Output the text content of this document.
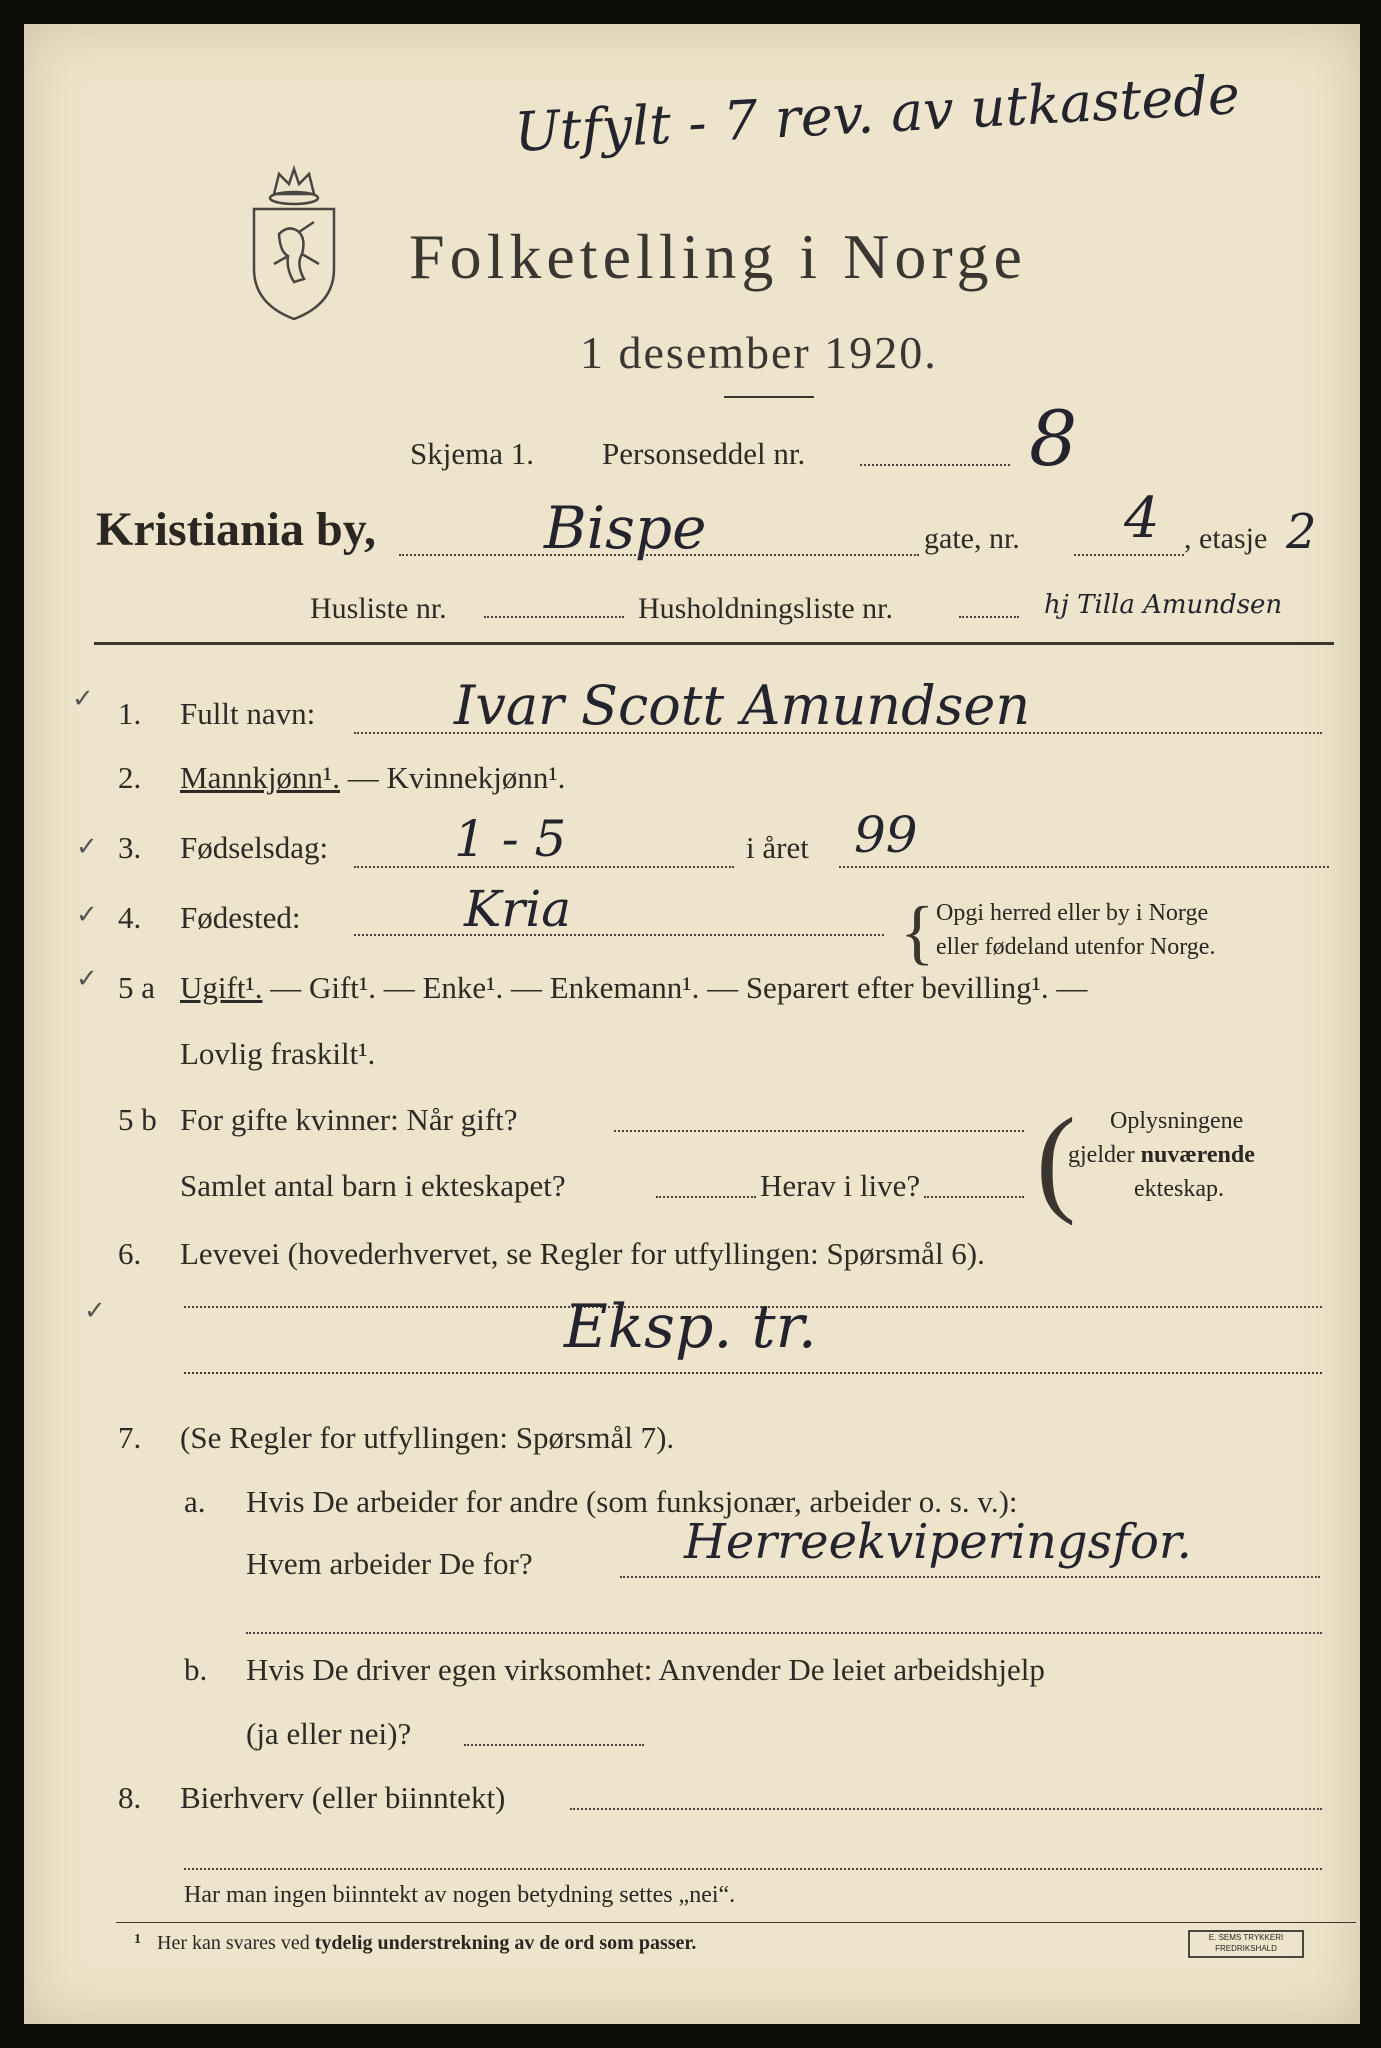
Utfylt - 7 rev. av utkastede
Folketelling i Norge
1 desember 1920.
Skjema 1. Personseddel nr.	8
Kristiania by,	Bispe	gate, nr. 4 , etasje 2
Husliste nr.	Husholdningsliste nr.	hj Tilla Amundsen
✓ 1. Fullt navn:	Ivar Scott Amundsen
2. Mannkjønn¹. — Kvinnekjønn¹.
✓ 3. Fødselsdag:	1 - 5	i året 99
✓ 4. Fødested:	Kria	{ Opgi herred eller by i Norge
eller fødeland utenfor Norge.
✓ 5 a Ugift¹. — Gift¹. — Enke¹. — Enkemann¹. — Separert efter bevilling¹. —
Lovlig fraskilt¹.
5 b For gifte kvinner: Når gift?
Samlet antal barn i ekteskapet?	Herav i live? ( Oplysningene
gjelder nuværende
ekteskap.
6. Levevei (hovederhvervet, se Regler for utfyllingen: Spørsmål 6).
✓	Eksp. tr.
7. (Se Regler for utfyllingen: Spørsmål 7).
a. Hvis De arbeider for andre (som funksjonær, arbeider o. s. v.):
Hvem arbeider De for?	Herreekviperingsfor.
b. Hvis De driver egen virksomhet: Anvender De leiet arbeidshjelp
(ja eller nei)?
8. Bierhverv (eller biinntekt)
Har man ingen biinntekt av nogen betydning settes „nei“.
$^1$ Her kan svares ved tydelig understrekning av de ord som passer.	E. SEMS TRYKKERI FREDRIKSHALD
